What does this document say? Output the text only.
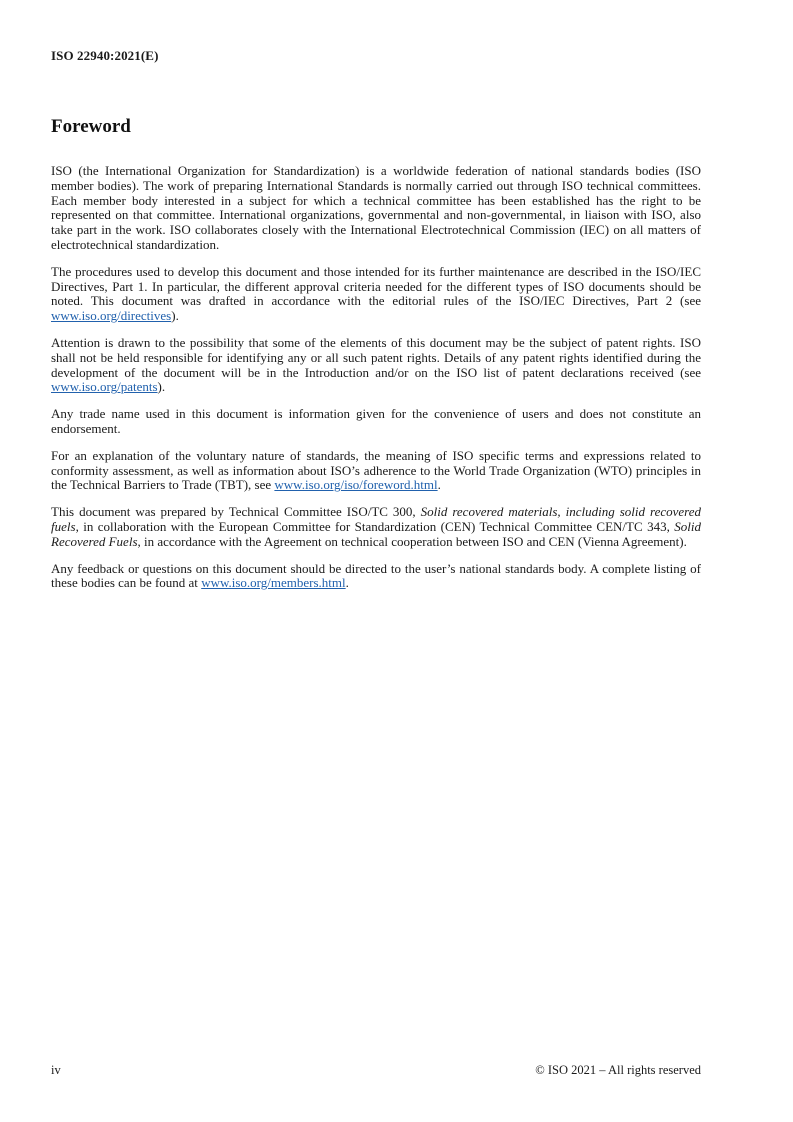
ISO 22940:2021(E)
Foreword

ISO (the International Organization for Standardization) is a worldwide federation of national standards bodies (ISO member bodies). The work of preparing International Standards is normally carried out through ISO technical committees. Each member body interested in a subject for which a technical committee has been established has the right to be represented on that committee. International organizations, governmental and non-governmental, in liaison with ISO, also take part in the work. ISO collaborates closely with the International Electrotechnical Commission (IEC) on all matters of electrotechnical standardization.

The procedures used to develop this document and those intended for its further maintenance are described in the ISO/IEC Directives, Part 1. In particular, the different approval criteria needed for the different types of ISO documents should be noted. This document was drafted in accordance with the editorial rules of the ISO/IEC Directives, Part 2 (see www.iso.org/directives).

Attention is drawn to the possibility that some of the elements of this document may be the subject of patent rights. ISO shall not be held responsible for identifying any or all such patent rights. Details of any patent rights identified during the development of the document will be in the Introduction and/or on the ISO list of patent declarations received (see www.iso.org/patents).

Any trade name used in this document is information given for the convenience of users and does not constitute an endorsement.

For an explanation of the voluntary nature of standards, the meaning of ISO specific terms and expressions related to conformity assessment, as well as information about ISO’s adherence to the World Trade Organization (WTO) principles in the Technical Barriers to Trade (TBT), see www.iso.org/iso/foreword.html.

This document was prepared by Technical Committee ISO/TC 300, Solid recovered materials, including solid recovered fuels, in collaboration with the European Committee for Standardization (CEN) Technical Committee CEN/TC 343, Solid Recovered Fuels, in accordance with the Agreement on technical cooperation between ISO and CEN (Vienna Agreement).

Any feedback or questions on this document should be directed to the user’s national standards body. A complete listing of these bodies can be found at www.iso.org/members.html.

iv	© ISO 2021 – All rights reserved
